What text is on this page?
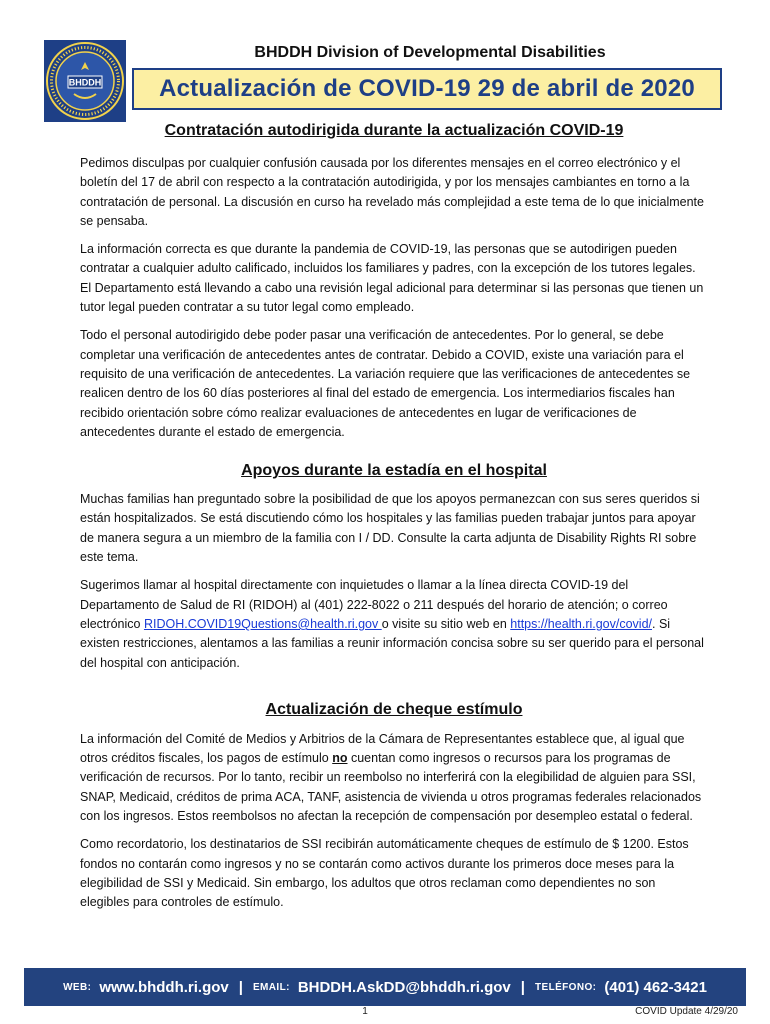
BHDDH
BHDDH Division of Developmental Disabilities
Actualización de COVID-19 29 de abril de 2020
Contratación autodirigida durante la actualización COVID-19

Pedimos disculpas por cualquier confusión causada por los diferentes mensajes en el correo electrónico y el boletín del 17 de abril con respecto a la contratación autodirigida, y por los mensajes cambiantes en torno a la contratación de personal. La discusión en curso ha revelado más complejidad a este tema de lo que inicialmente se pensaba.

La información correcta es que durante la pandemia de COVID-19, las personas que se autodirigen pueden contratar a cualquier adulto calificado, incluidos los familiares y padres, con la excepción de los tutores legales. El Departamento está llevando a cabo una revisión legal adicional para determinar si las personas que tienen un tutor legal pueden contratar a su tutor legal como empleado.

Todo el personal autodirigido debe poder pasar una verificación de antecedentes. Por lo general, se debe completar una verificación de antecedentes antes de contratar. Debido a COVID, existe una variación para el requisito de una verificación de antecedentes. La variación requiere que las verificaciones de antecedentes se realicen dentro de los 60 días posteriores al final del estado de emergencia. Los intermediarios fiscales han recibido orientación sobre cómo realizar evaluaciones de antecedentes en lugar de verificaciones de antecedentes durante el estado de emergencia.

Apoyos durante la estadía en el hospital

Muchas familias han preguntado sobre la posibilidad de que los apoyos permanezcan con sus seres queridos si están hospitalizados. Se está discutiendo cómo los hospitales y las familias pueden trabajar juntos para apoyar de manera segura a un miembro de la familia con I / DD. Consulte la carta adjunta de Disability Rights RI sobre este tema.

Sugerimos llamar al hospital directamente con inquietudes o llamar a la línea directa COVID-19 del Departamento de Salud de RI (RIDOH) al (401) 222-8022 o 211 después del horario de atención; o correo electrónico RIDOH.COVID19Questions@health.ri.gov o visite su sitio web en https://health.ri.gov/covid/. Si existen restricciones, alentamos a las familias a reunir información concisa sobre su ser querido para el personal del hospital con anticipación.

Actualización de cheque estímulo

La información del Comité de Medios y Arbitrios de la Cámara de Representantes establece que, al igual que otros créditos fiscales, los pagos de estímulo no cuentan como ingresos o recursos para los programas de verificación de recursos. Por lo tanto, recibir un reembolso no interferirá con la elegibilidad de alguien para SSI, SNAP, Medicaid, créditos de prima ACA, TANF, asistencia de vivienda u otros programas federales relacionados con los ingresos. Estos reembolsos no afectan la recepción de compensación por desempleo estatal o federal.

Como recordatorio, los destinatarios de SSI recibirán automáticamente cheques de estímulo de $ 1200. Estos fondos no contarán como ingresos y no se contarán como activos durante los primeros doce meses para la elegibilidad de SSI y Medicaid. Sin embargo, los adultos que otros reclaman como dependientes no son elegibles para controles de estímulo.

WEB: www.bhddh.ri.gov | EMAIL: BHDDH.AskDD@bhddh.ri.gov | TELÉFONO: (401) 462-3421
1	COVID Update 4/29/20
